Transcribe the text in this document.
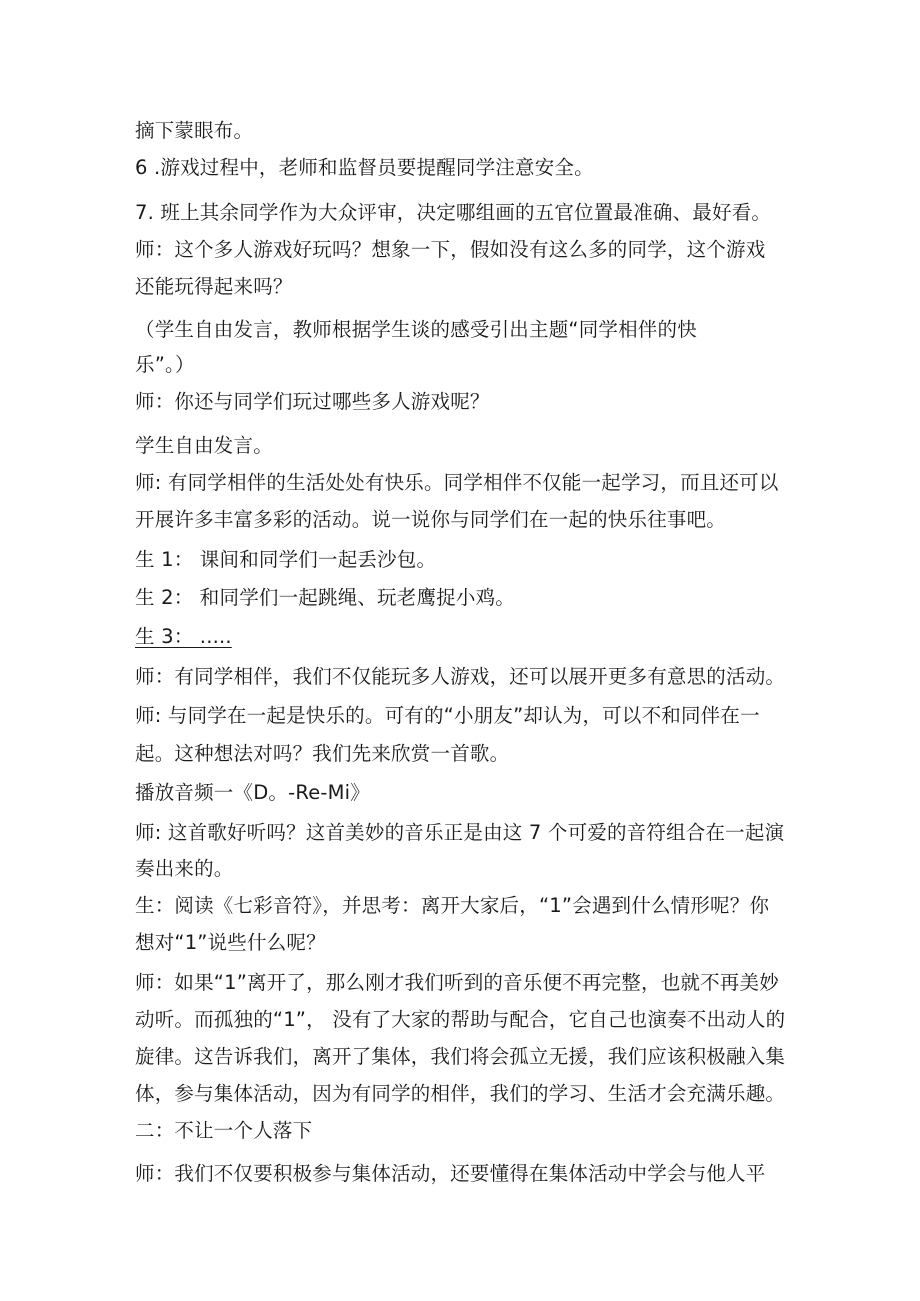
摘下蒙眼布。
6 .游戏过程中，老师和监督员要提醒同学注意安全。
7. 班上其余同学作为大众评审，决定哪组画的五官位置最准确、最好看。
师：这个多人游戏好玩吗？想象一下，假如没有这么多的同学，这个游戏
还能玩得起来吗？
（学生自由发言，教师根据学生谈的感受引出主题“同学相伴的快
乐”。）
师：你还与同学们玩过哪些多人游戏呢？
学生自由发言。
师: 有同学相伴的生活处处有快乐。同学相伴不仅能一起学习，而且还可以
开展许多丰富多彩的活动。说一说你与同学们在一起的快乐往事吧。
生 1： 课间和同学们一起丢沙包。
生 2： 和同学们一起跳绳、玩老鹰捉小鸡。
生 3： .....
师：有同学相伴，我们不仅能玩多人游戏，还可以展开更多有意思的活动。
师: 与同学在一起是快乐的。可有的“小朋友”却认为，可以不和同伴在一
起。这种想法对吗？我们先来欣赏一首歌。
播放音频一《D。-Re-Mi》
师: 这首歌好听吗？这首美妙的音乐正是由这 7 个可爱的音符组合在一起演
奏出来的。
生：阅读《七彩音符》，并思考：离开大家后，“1”会遇到什么情形呢？你
想对“1”说些什么呢？
师：如果“1”离开了，那么刚才我们听到的音乐便不再完整，也就不再美妙
动听。而孤独的“1”， 没有了大家的帮助与配合，它自己也演奏不出动人的
旋律。这告诉我们，离开了集体，我们将会孤立无援，我们应该积极融入集
体，参与集体活动，因为有同学的相伴，我们的学习、生活才会充满乐趣。
二：不让一个人落下
师：我们不仅要积极参与集体活动，还要懂得在集体活动中学会与他人平
